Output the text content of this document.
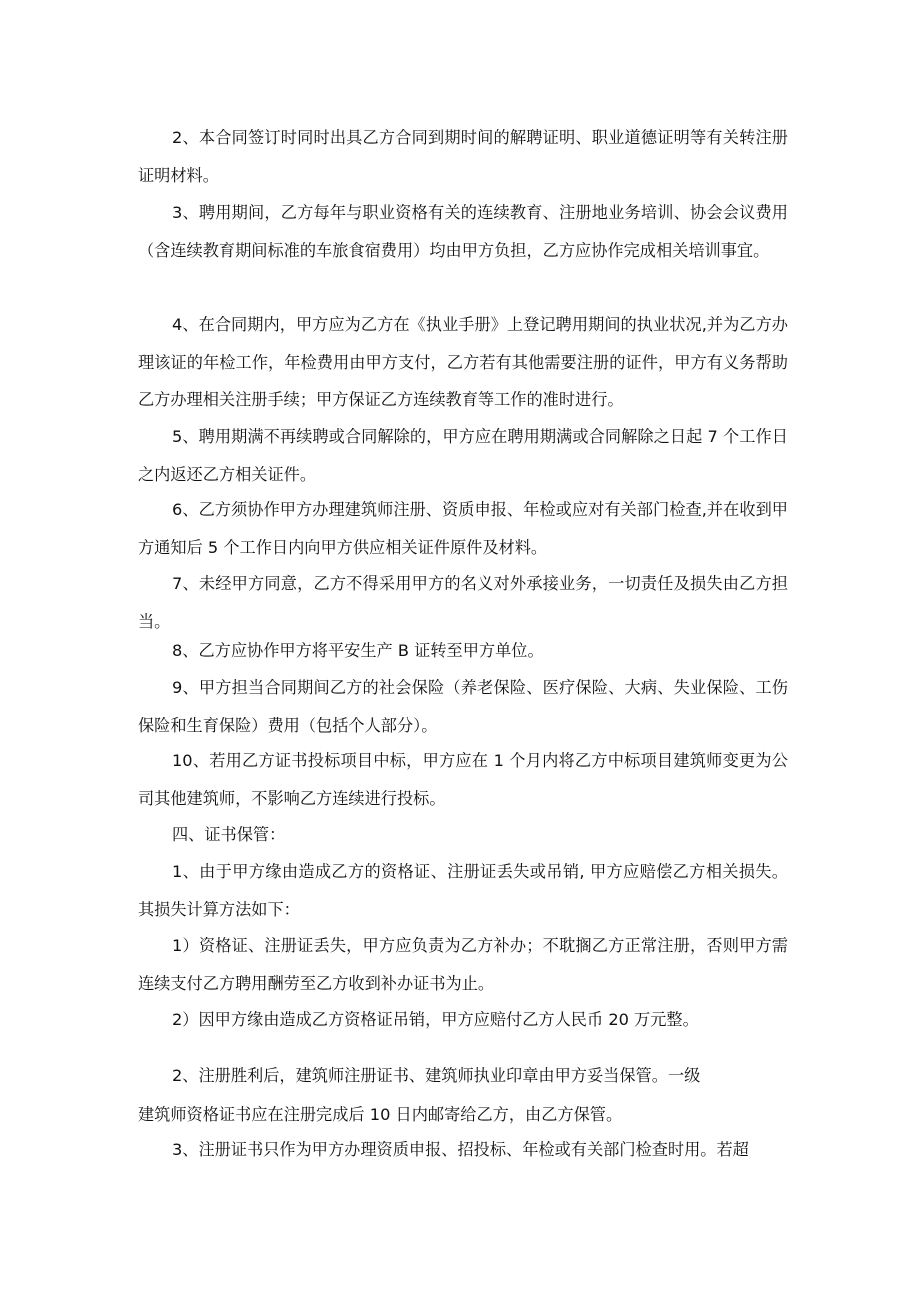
2、本合同签订时同时出具乙方合同到期时间的解聘证明、职业道德证明等有关转注册证明材料。
3、聘用期间，乙方每年与职业资格有关的连续教育、注册地业务培训、协会会议费用（含连续教育期间标准的车旅食宿费用）均由甲方负担，乙方应协作完成相关培训事宜。
4、在合同期内，甲方应为乙方在《执业手册》上登记聘用期间的执业状况,并为乙方办理该证的年检工作，年检费用由甲方支付，乙方若有其他需要注册的证件，甲方有义务帮助乙方办理相关注册手续；甲方保证乙方连续教育等工作的准时进行。
5、聘用期满不再续聘或合同解除的，甲方应在聘用期满或合同解除之日起 7 个工作日之内返还乙方相关证件。
6、乙方须协作甲方办理建筑师注册、资质申报、年检或应对有关部门检查,并在收到甲方通知后 5 个工作日内向甲方供应相关证件原件及材料。
7、未经甲方同意，乙方不得采用甲方的名义对外承接业务，一切责任及损失由乙方担当。
8、乙方应协作甲方将平安生产 B 证转至甲方单位。
9、甲方担当合同期间乙方的社会保险（养老保险、医疗保险、大病、失业保险、工伤保险和生育保险）费用（包括个人部分）。
10、若用乙方证书投标项目中标，甲方应在 1 个月内将乙方中标项目建筑师变更为公司其他建筑师，不影响乙方连续进行投标。
四、证书保管：
1、由于甲方缘由造成乙方的资格证、注册证丢失或吊销, 甲方应赔偿乙方相关损失。其损失计算方法如下：
1）资格证、注册证丢失，甲方应负责为乙方补办；不耽搁乙方正常注册，否则甲方需连续支付乙方聘用酬劳至乙方收到补办证书为止。
2）因甲方缘由造成乙方资格证吊销，甲方应赔付乙方人民币 20 万元整。
2、注册胜利后，建筑师注册证书、建筑师执业印章由甲方妥当保管。一级
建筑师资格证书应在注册完成后 10 日内邮寄给乙方，由乙方保管。
3、注册证书只作为甲方办理资质申报、招投标、年检或有关部门检查时用。若超
